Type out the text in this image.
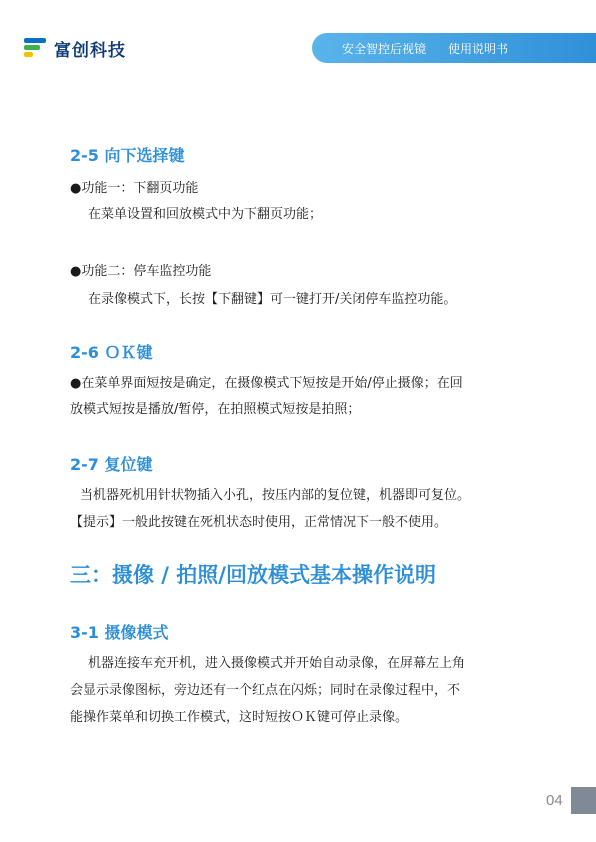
富创科技	安全智控后视镜 使用说明书
2-5 向下选择键
●功能一：下翻页功能
在菜单设置和回放模式中为下翻页功能；
●功能二：停车监控功能
在录像模式下，长按【下翻键】可一键打开/关闭停车监控功能。
2-6 ＯＫ键
●在菜单界面短按是确定，在摄像模式下短按是开始/停止摄像；在回
放模式短按是播放/暂停，在拍照模式短按是拍照；
2-7 复位键
当机器死机用针状物插入小孔，按压内部的复位键，机器即可复位。
【提示】一般此按键在死机状态时使用，正常情况下一般不使用。
三：摄像 / 拍照/回放模式基本操作说明
3-1 摄像模式
机器连接车充开机，进入摄像模式并开始自动录像，在屏幕左上角
会显示录像图标，旁边还有一个红点在闪烁；同时在录像过程中，不
能操作菜单和切换工作模式，这时短按ＯＫ键可停止录像。
04
